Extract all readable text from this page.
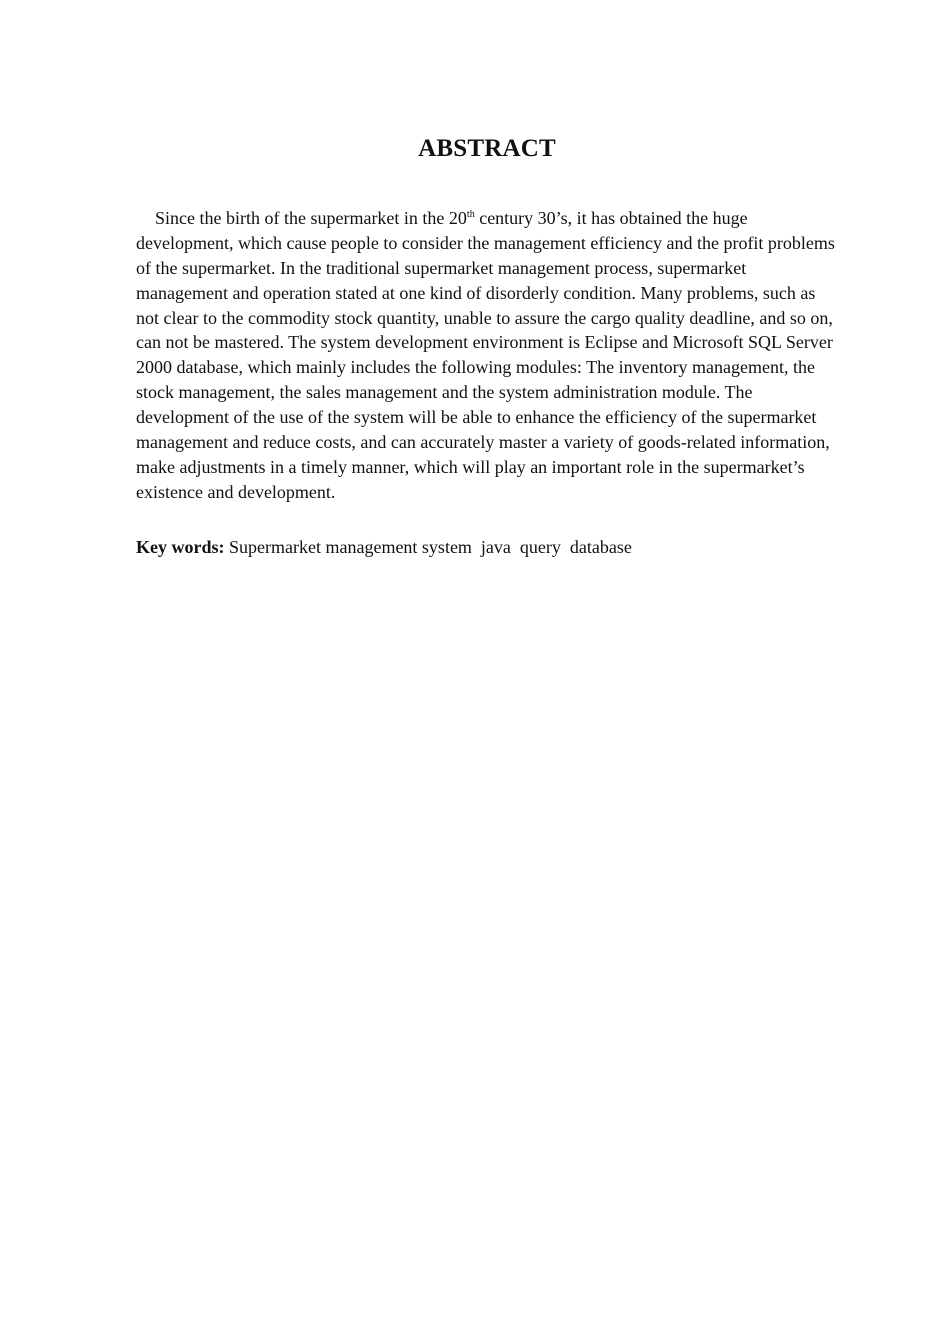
ABSTRACT
Since the birth of the supermarket in the 20th century 30’s, it has obtained the huge
development, which cause people to consider the management efficiency and the profit problems
of the supermarket. In the traditional supermarket management process, supermarket
management and operation stated at one kind of disorderly condition. Many problems, such as
not clear to the commodity stock quantity, unable to assure the cargo quality deadline, and so on,
can not be mastered. The system development environment is Eclipse and Microsoft SQL Server
2000 database, which mainly includes the following modules: The inventory management, the
stock management, the sales management and the system administration module. The
development of the use of the system will be able to enhance the efficiency of the supermarket
management and reduce costs, and can accurately master a variety of goods-related information,
make adjustments in a timely manner, which will play an important role in the supermarket’s
existence and development.
Key words: Supermarket management system  java  query  database
